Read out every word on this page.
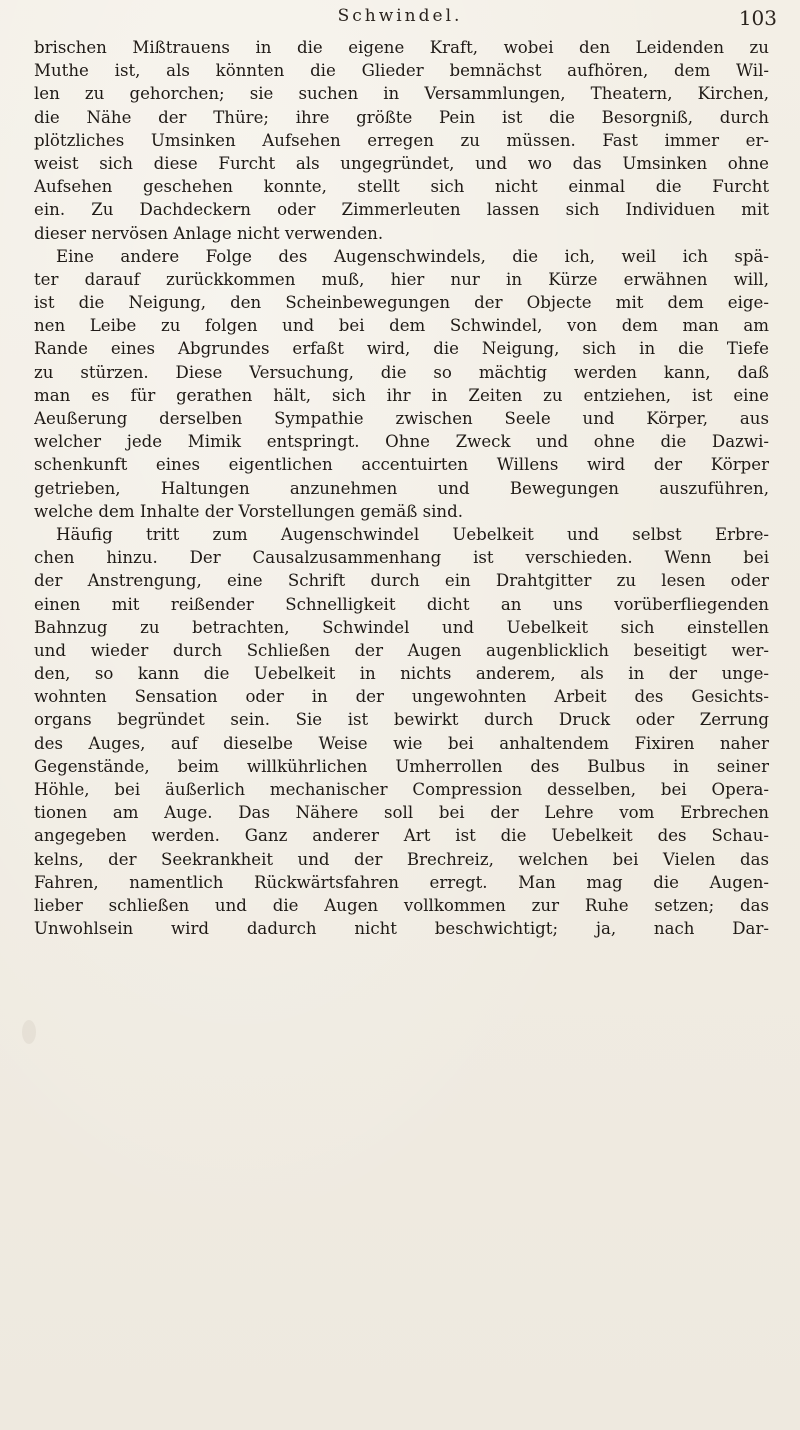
Schwindel.	103
brischen Mißtrauens in die eigene Kraft, wobei den Leidenden zu
Muthe ist, als könnten die Glieder bemnächst aufhören, dem Wil-
len zu gehorchen; sie suchen in Versammlungen, Theatern, Kirchen,
die Nähe der Thüre; ihre größte Pein ist die Besorgniß, durch
plötzliches Umsinken Aufsehen erregen zu müssen. Fast immer er-
weist sich diese Furcht als ungegründet, und wo das Umsinken ohne
Aufsehen geschehen konnte, stellt sich nicht einmal die Furcht
ein. Zu Dachdeckern oder Zimmerleuten lassen sich Individuen mit
dieser nervösen Anlage nicht verwenden.
Eine andere Folge des Augenschwindels, die ich, weil ich spä-
ter darauf zurückkommen muß, hier nur in Kürze erwähnen will,
ist die Neigung, den Scheinbewegungen der Objecte mit dem eige-
nen Leibe zu folgen und bei dem Schwindel, von dem man am
Rande eines Abgrundes erfaßt wird, die Neigung, sich in die Tiefe
zu stürzen. Diese Versuchung, die so mächtig werden kann, daß
man es für gerathen hält, sich ihr in Zeiten zu entziehen, ist eine
Aeußerung derselben Sympathie zwischen Seele und Körper, aus
welcher jede Mimik entspringt. Ohne Zweck und ohne die Dazwi-
schenkunft eines eigentlichen accentuirten Willens wird der Körper
getrieben, Haltungen anzunehmen und Bewegungen auszuführen,
welche dem Inhalte der Vorstellungen gemäß sind.
Häufig tritt zum Augenschwindel Uebelkeit und selbst Erbre-
chen hinzu. Der Causalzusammenhang ist verschieden. Wenn bei
der Anstrengung, eine Schrift durch ein Drahtgitter zu lesen oder
einen mit reißender Schnelligkeit dicht an uns vorüberfliegenden
Bahnzug zu betrachten, Schwindel und Uebelkeit sich einstellen
und wieder durch Schließen der Augen augenblicklich beseitigt wer-
den, so kann die Uebelkeit in nichts anderem, als in der unge-
wohnten Sensation oder in der ungewohnten Arbeit des Gesichts-
organs begründet sein. Sie ist bewirkt durch Druck oder Zerrung
des Auges, auf dieselbe Weise wie bei anhaltendem Fixiren naher
Gegenstände, beim willkührlichen Umherrollen des Bulbus in seiner
Höhle, bei äußerlich mechanischer Compression desselben, bei Opera-
tionen am Auge. Das Nähere soll bei der Lehre vom Erbrechen
angegeben werden. Ganz anderer Art ist die Uebelkeit des Schau-
kelns, der Seekrankheit und der Brechreiz, welchen bei Vielen das
Fahren, namentlich Rückwärtsfahren erregt. Man mag die Augen-
lieber schließen und die Augen vollkommen zur Ruhe setzen; das
Unwohlsein wird dadurch nicht beschwichtigt; ja, nach Dar-
